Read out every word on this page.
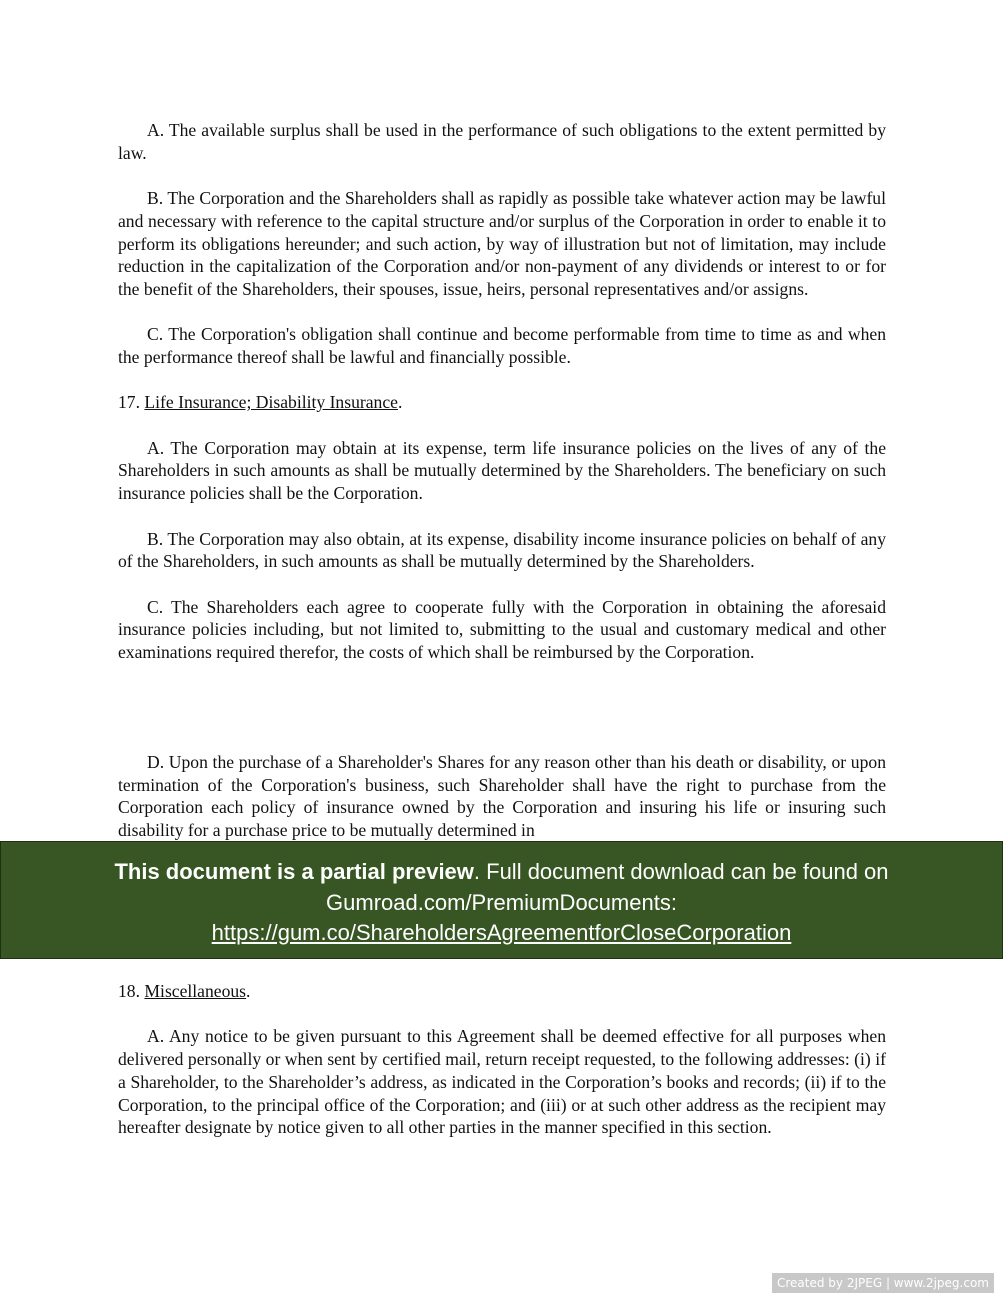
A. The available surplus shall be used in the performance of such obligations to the extent permitted by law.

B. The Corporation and the Shareholders shall as rapidly as possible take whatever action may be lawful and necessary with reference to the capital structure and/or surplus of the Corporation in order to enable it to perform its obligations hereunder; and such action, by way of illustration but not of limitation, may include reduction in the capitalization of the Corporation and/or non-payment of any dividends or interest to or for the benefit of the Shareholders, their spouses, issue, heirs, personal representatives and/or assigns.

C. The Corporation's obligation shall continue and become performable from time to time as and when the performance thereof shall be lawful and financially possible.

17. Life Insurance; Disability Insurance.

A. The Corporation may obtain at its expense, term life insurance policies on the lives of any of the Shareholders in such amounts as shall be mutually determined by the Shareholders. The beneficiary on such insurance policies shall be the Corporation.

B. The Corporation may also obtain, at its expense, disability income insurance policies on behalf of any of the Shareholders, in such amounts as shall be mutually determined by the Shareholders.

C. The Shareholders each agree to cooperate fully with the Corporation in obtaining the aforesaid insurance policies including, but not limited to, submitting to the usual and customary medical and other examinations required therefor, the costs of which shall be reimbursed by the Corporation.

D. Upon the purchase of a Shareholder's Shares for any reason other than his death or disability, or upon termination of the Corporation's business, such Shareholder shall have the right to purchase from the Corporation each policy of insurance owned by the Corporation and insuring his life or insuring such disability for a purchase price to be mutually determined in

This document is a partial preview. Full document download can be found on
Gumroad.com/PremiumDocuments:
https://gum.co/ShareholdersAgreementforCloseCorporation

18. Miscellaneous.

A. Any notice to be given pursuant to this Agreement shall be deemed effective for all purposes when delivered personally or when sent by certified mail, return receipt requested, to the following addresses: (i) if a Shareholder, to the Shareholder’s address, as indicated in the Corporation’s books and records; (ii) if to the Corporation, to the principal office of the Corporation; and (iii) or at such other address as the recipient may hereafter designate by notice given to all other parties in the manner specified in this section.

Created by 2JPEG | www.2jpeg.com
